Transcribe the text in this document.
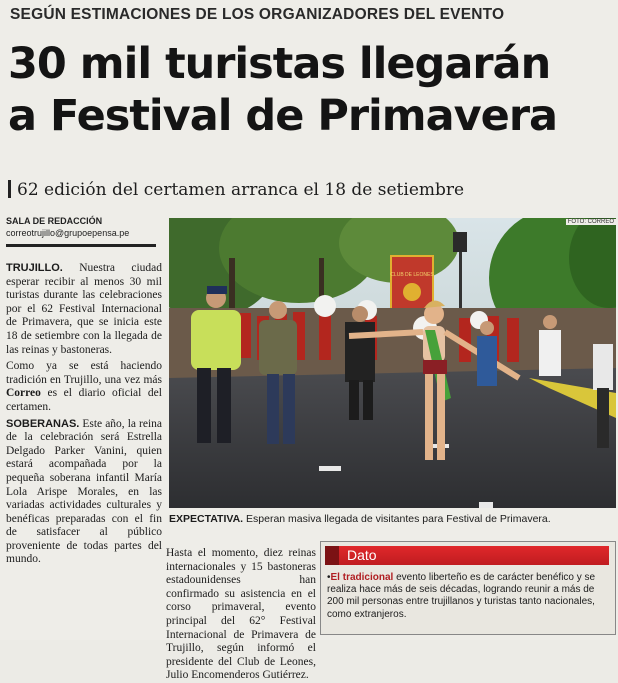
SEGÚN ESTIMACIONES DE LOS ORGANIZADORES DEL EVENTO
30 mil turistas llegarán
a Festival de Primavera
62 edición del certamen arranca el 18 de setiembre
SALA DE REDACCIÓN
correotrujillo@grupoepensa.pe

TRUJILLO. Nuestra ciudad esperar recibir al menos 30 mil turistas durante las celebraciones por el 62 Festival Internacional de Primavera, que se inicia este 18 de setiembre con la llegada de las reinas y bastoneras.

Como ya se está haciendo tradición en Trujillo, una vez más Correo es el diario oficial del certamen.

SOBERANAS. Este año, la reina de la celebración será Estrella Delgado Parker Vanini, quien estará acompañada por la pequeña soberana infantil María Lola Arispe Morales, en las variadas actividades culturales y benéficas preparadas con el fin de satisfacer al público proveniente de todas partes del mundo.

Hasta el momento, diez reinas internacionales y 15 bastoneras estadounidenses han confirmado su asistencia en el corso primaveral, evento principal del 62° Festival Internacional de Primavera de Trujillo, según informó el presidente del Club de Leones, Julio Encomenderos Gutiérrez.
FOTO: CORREO
CLUB DE LEONES
EXPECTATIVA. Esperan masiva llegada de visitantes para Festival de Primavera.
Dato
•El tradicional evento liberteño es de carácter benéfico y se realiza hace más de seis décadas, logrando reunir a más de 200 mil personas entre trujillanos y turistas tanto nacionales, como extranjeros.
